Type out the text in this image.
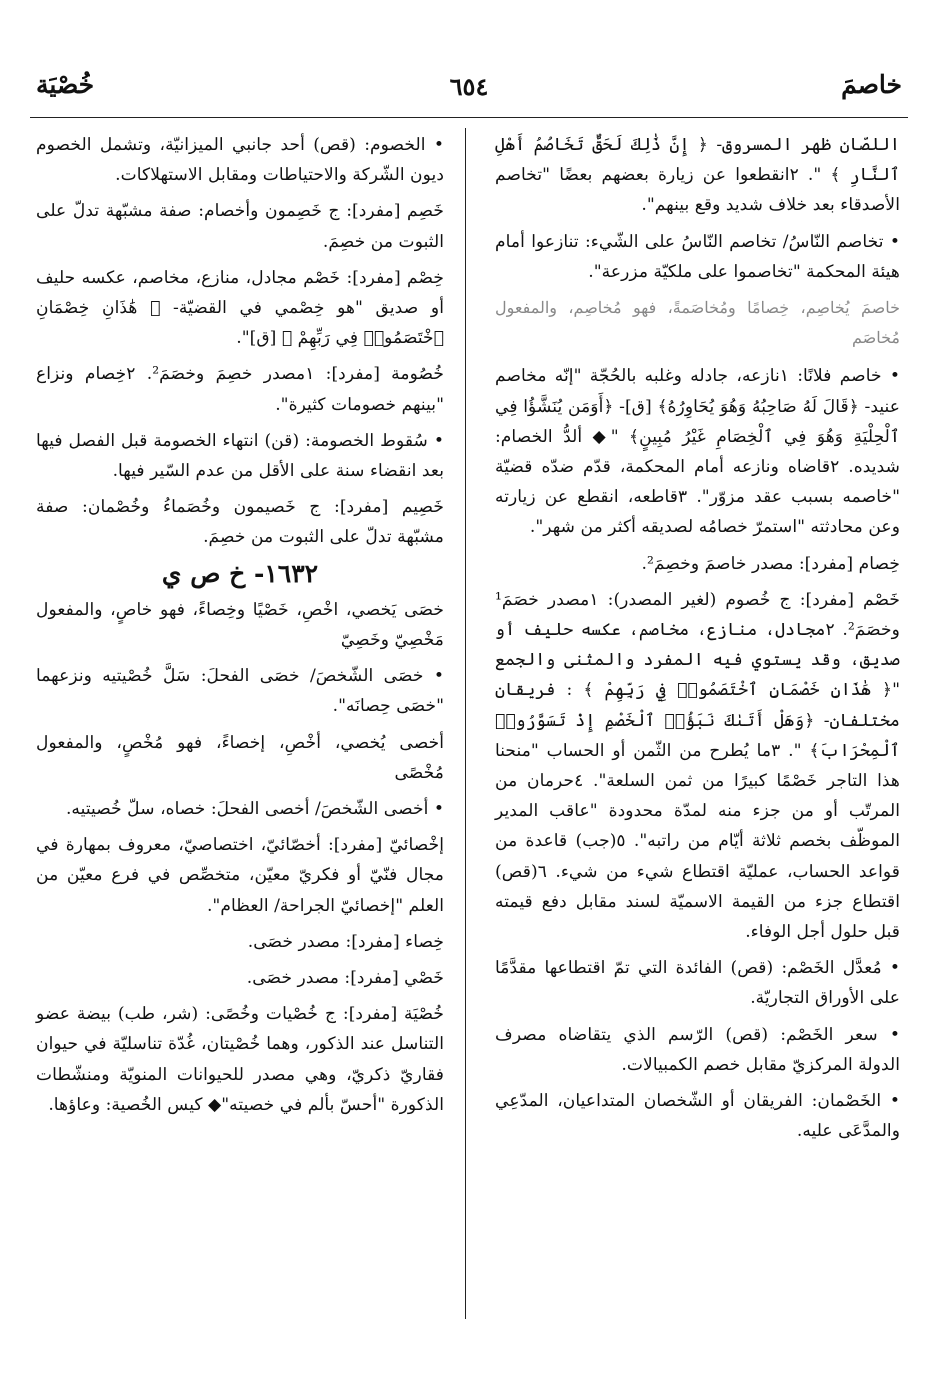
خاصمَ
٦٥٤
خُصْيَة

اللصّان ظهر المسروق- ﴿ إِنَّ ذَٰلِكَ لَحَقٌّ تَخَاصُمُ أَهْلِ ٱلنَّارِ ﴾ ". ٢انقطعوا عن زيارة بعضهم بعضًا "تخاصم الأصدقاء بعد خلاف شديد وقع بينهم".

• تخاصم النّاسُ/ تخاصم النّاسُ على الشّيء: تنازعوا أمام هيئة المحكمة "تخاصموا على ملكيّة مزرعة".

خاصمَ يُخاصِم، خِصامًا ومُخاصَمةً، فهو مُخاصِم، والمفعول مُخاصَم

• خاصم فلانًا: ١نازعه، جادله وغلبه بالحُجّة "إنّه مخاصم عنيد- ﴿قَالَ لَهُ صَاحِبُهُ وَهُوَ يُحَاوِرُهُ﴾ [ق]- ﴿أَوَمَن يُنَشَّؤُا فِي ٱلْحِلْيَةِ وَهُوَ فِي ٱلْخِصَامِ غَيْرُ مُبِينٍ﴾ "◆ ألدُّ الخصام: شديده. ٢قاضاه ونازعه أمام المحكمة، قدّم ضدّه قضيّة "خاصمه بسبب عقد مزوّر". ٣قاطعه، انقطع عن زيارته وعن محادثته "استمرّ خصامُه لصديقه أكثر من شهر".

خِصام [مفرد]: مصدر خاصمَ وخصِمَ².

خَصْم [مفرد]: ج خُصوم (لغير المصدر): ١مصدر خصَمَ¹ وخصَمَ². ٢مجادل، منازع، مخاصم، عكسه حليف أو صديق، وقد يستوي فيه المفرد والمثنى والجمع "﴿ هَٰذَانِ خَصْمَانِ ٱخْتَصَمُوا۟ فِي رَبِّهِمْ ﴾ : فريقان مختلفان- ﴿وَهَلْ أَتَىٰكَ نَبَؤُا۟ ٱلْخَصْمِ إِذْ تَسَوَّرُوا۟ ٱلْمِحْرَابَ﴾ ". ٣ما يُطرح من الثّمن أو الحساب "منحنا هذا التاجر خَصْمًا كبيرًا من ثمن السلعة". ٤حرمان من المرتّب أو من جزء منه لمدّة محدودة "عاقب المدير الموظّف بخصم ثلاثة أيّام من راتبه". ٥(جب) قاعدة من قواعد الحساب، عمليّة اقتطاع شيء من شيء. ٦(قص) اقتطاع جزء من القيمة الاسميّة لسند مقابل دفع قيمته قبل حلول أجل الوفاء.

• مُعدَّل الخَصْم: (قص) الفائدة التي تمّ اقتطاعها مقدَّمًا على الأوراق التجاريّة.

• سعر الخَصْم: (قص) الرّسم الذي يتقاضاه مصرف الدولة المركزيّ مقابل خصم الكمبيالات.

• الخَصْمان: الفريقان أو الشّخصان المتداعيان، المدّعِي والمدَّعَى عليه.

• الخصوم: (قص) أحد جانبي الميزانيّة، وتشمل الخصوم ديون الشّركة والاحتياطات ومقابل الاستهلاكات.

خَصِم [مفرد]: ج خَصِمون وأخصام: صفة مشبّهة تدلّ على الثبوت من خصِمَ.

خِصْم [مفرد]: خَصْم مجادل، منازع، مخاصم، عكسه حليف أو صديق "هو خِصْمي في القضيّة- ﴿ هَٰذَانِ خِصْمَانِ ٱخْتَصَمُوا۟ فِي رَبِّهِمْ ﴾ [ق]".

خُصُومة [مفرد]: ١مصدر خصِمَ وخصَمَ². ٢خِصام ونزاع "بينهم خصومات كثيرة".

• سُقوط الخصومة: (قن) انتهاء الخصومة قبل الفصل فيها بعد انقضاء سنة على الأقل من عدم السّير فيها.

خَصِيم [مفرد]: ج خَصيمون وخُصَماءُ وخُصْمان: صفة مشبّهة تدلّ على الثبوت من خصِمَ.

١٦٣٢- خ ص ي

خصَى يَخصي، اخْصِ، خَصْيًا وخِصاءً، فهو خاصٍ، والمفعول مَخْصِيّ وخَصِيّ

• خصَى الشّخصَ/ خصَى الفحلَ: سَلَّ خُصْيتيه ونزعهما "خصَى حِصانَه".

أخصى يُخصي، أخْصِ، إخصاءً، فهو مُخْصٍ، والمفعول مُخْصًى

• أخصى الشّخصَ/ أخصى الفحلَ: خصاه، سلّ خُصيتيه.

إخْصائيّ [مفرد]: أخصّائيّ، اختصاصيّ، معروف بمهارة في مجال فنّيّ أو فكريّ معيّن، متخصِّص في فرع معيّن من العلم "إخصائيّ الجراحة/ العظام".

خِصاء [مفرد]: مصدر خصَى.

خَصْي [مفرد]: مصدر خصَى.

خُصْيَة [مفرد]: ج خُصْيات وخُصًى: (شر، طب) بيضة عضو التناسل عند الذكور، وهما خُصْيتان، غُدّة تناسليّة في حيوان فقاريّ ذكريّ، وهي مصدر للحيوانات المنويّة ومنشّطات الذكورة "أحسّ بألم في خصيته"◆ كيس الخُصية: وعاؤها.
